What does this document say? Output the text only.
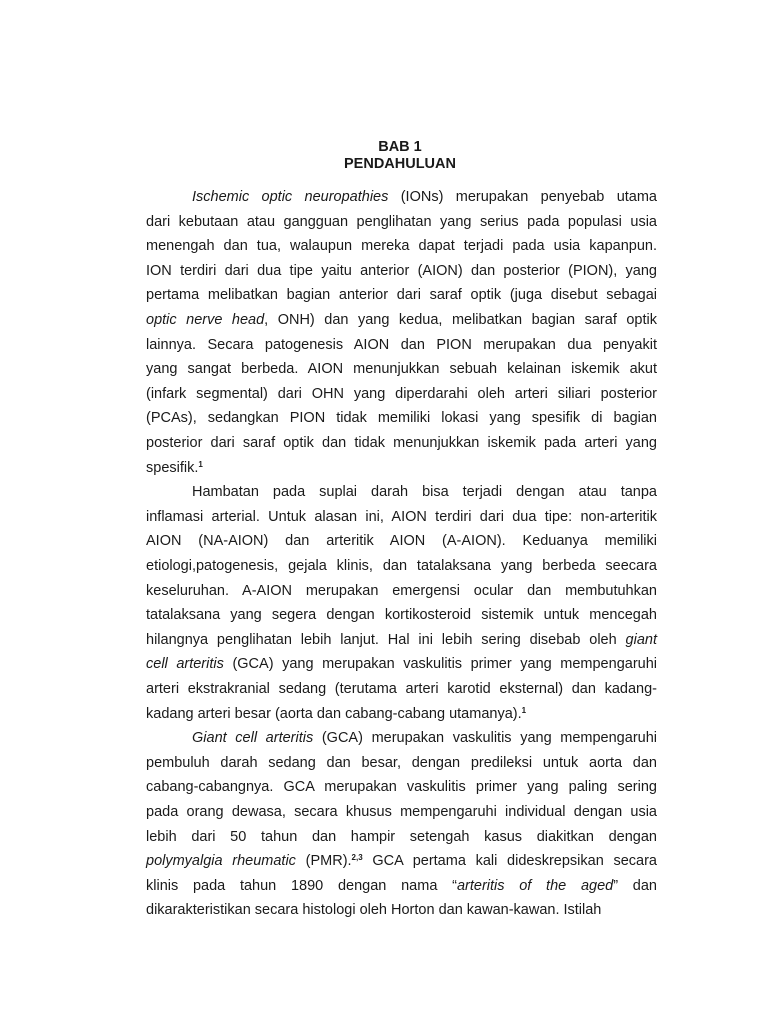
BAB 1
PENDAHULUAN
Ischemic optic neuropathies (IONs) merupakan penyebab utama
dari kebutaan atau gangguan penglihatan yang serius pada populasi usia
menengah dan tua, walaupun mereka dapat terjadi pada usia kapanpun.
ION terdiri dari dua tipe yaitu anterior (AION) dan posterior (PION), yang
pertama melibatkan bagian anterior dari saraf optik (juga disebut sebagai
optic nerve head, ONH) dan yang kedua, melibatkan bagian saraf optik
lainnya. Secara patogenesis AION dan PION merupakan dua penyakit
yang sangat berbeda. AION menunjukkan sebuah kelainan iskemik akut
(infark segmental) dari OHN yang diperdarahi oleh arteri siliari posterior
(PCAs), sedangkan PION tidak memiliki lokasi yang spesifik di bagian
posterior dari saraf optik dan tidak menunjukkan iskemik pada arteri yang
spesifik.$^1$
Hambatan pada suplai darah bisa terjadi dengan atau tanpa
inflamasi arterial. Untuk alasan ini, AION terdiri dari dua tipe: non-arteritik
AION (NA-AION) dan arteritik AION (A-AION). Keduanya memiliki
etiologi,patogenesis, gejala klinis, dan tatalaksana yang berbeda seecara
keseluruhan. A-AION merupakan emergensi ocular dan membutuhkan
tatalaksana yang segera dengan kortikosteroid sistemik untuk mencegah
hilangnya penglihatan lebih lanjut. Hal ini lebih sering disebab oleh giant
cell arteritis (GCA) yang merupakan vaskulitis primer yang mempengaruhi
arteri ekstrakranial sedang (terutama arteri karotid eksternal) dan kadang-
kadang arteri besar (aorta dan cabang-cabang utamanya).$^1$
Giant cell arteritis (GCA) merupakan vaskulitis yang mempengaruhi
pembuluh darah sedang dan besar, dengan predileksi untuk aorta dan
cabang-cabangnya. GCA merupakan vaskulitis primer yang paling sering
pada orang dewasa, secara khusus mempengaruhi individual dengan usia
lebih dari 50 tahun dan hampir setengah kasus diakitkan dengan
polymyalgia rheumatic (PMR).$^{2,3}$ GCA pertama kali dideskrepsikan secara
klinis pada tahun 1890 dengan nama “arteritis of the aged” dan
dikarakteristikan secara histologi oleh Horton dan kawan-kawan. Istilah
